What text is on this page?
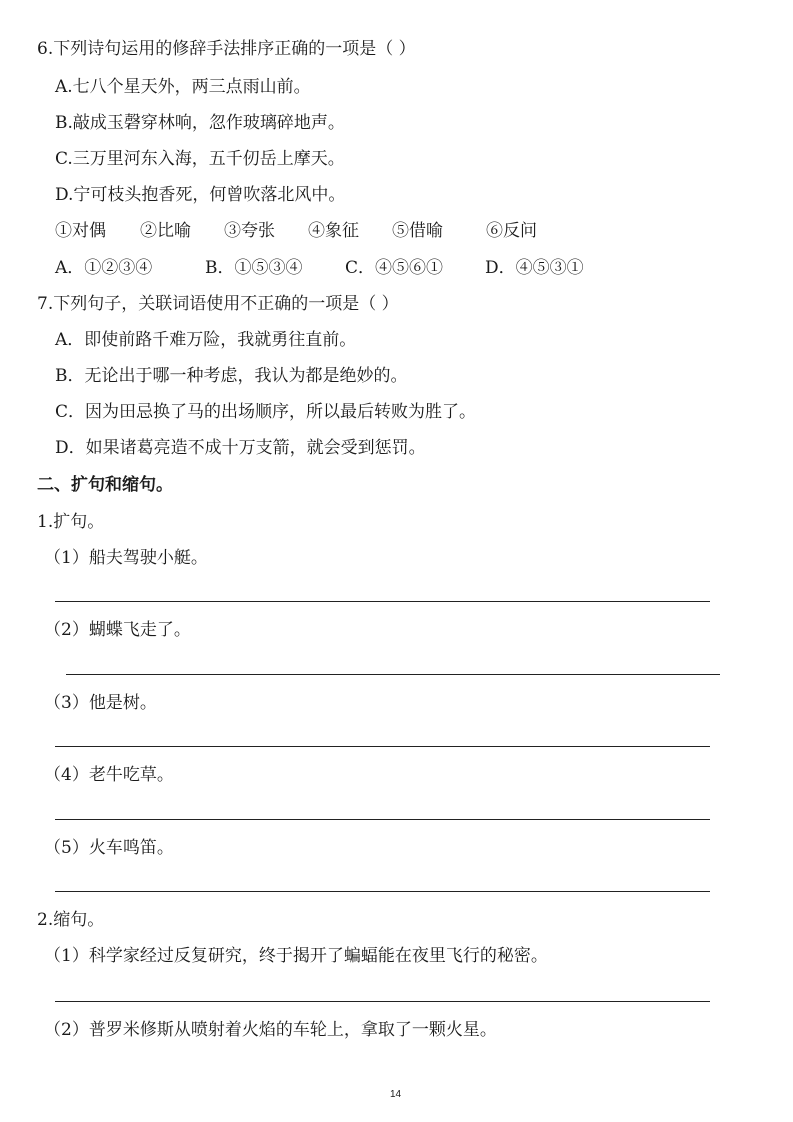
6.下列诗句运用的修辞手法排序正确的一项是（ ）
A.七八个星天外，两三点雨山前。
B.敲成玉磬穿林响，忽作玻璃碎地声。
C.三万里河东入海，五千仞岳上摩天。
D.宁可枝头抱香死，何曾吹落北风中。
①对偶 ②比喻 ③夸张 ④象征 ⑤借喻	⑥反问
A．①②③④	B．①⑤③④	C．④⑤⑥① D．④⑤③①
7.下列句子，关联词语使用不正确的一项是（ ）
A．即使前路千难万险，我就勇往直前。
B．无论出于哪一种考虑，我认为都是绝妙的。
C．因为田忌换了马的出场顺序，所以最后转败为胜了。
D．如果诸葛亮造不成十万支箭，就会受到惩罚。
二、扩句和缩句。
1.扩句。
（1）船夫驾驶小艇。
（2）蝴蝶飞走了。
（3）他是树。
（4）老牛吃草。
（5）火车鸣笛。
2.缩句。
（1）科学家经过反复研究，终于揭开了蝙蝠能在夜里飞行的秘密。
（2）普罗米修斯从喷射着火焰的车轮上，拿取了一颗火星。
14
